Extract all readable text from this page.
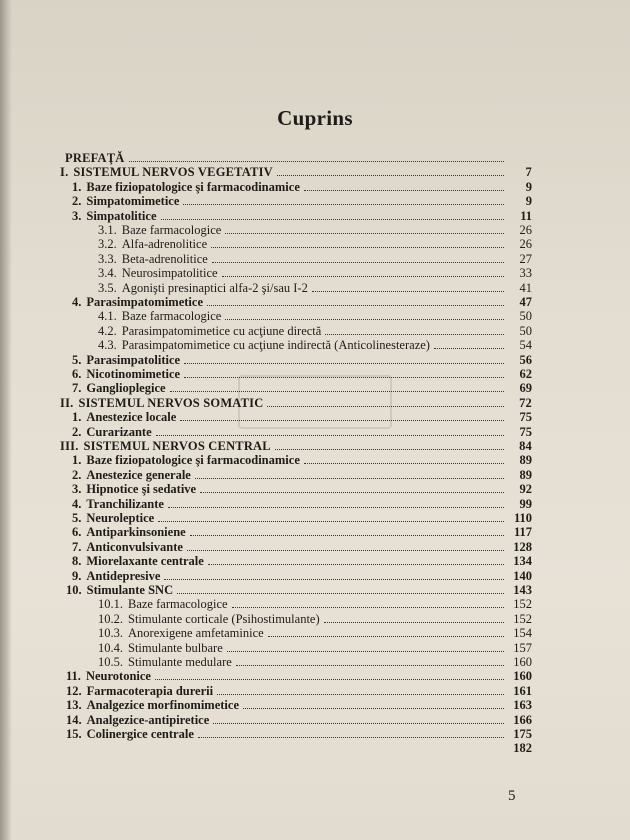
Cuprins
PREFAŢĂ
I. SISTEMUL NERVOS VEGETATIV	7
1. Baze fiziopatologice şi farmacodinamice	9
2. Simpatomimetice	9
3. Simpatolitice	11
3.1. Baze farmacologice	26
3.2. Alfa-adrenolitice	26
3.3. Beta-adrenolitice	27
3.4. Neurosimpatolitice	33
3.5. Agonişti presinaptici alfa-2 şi/sau I-2	41
4. Parasimpatomimetice	47
4.1. Baze farmacologice	50
4.2. Parasimpatomimetice cu acţiune directă	50
4.3. Parasimpatomimetice cu acţiune indirectă (Anticolinesteraze)	54
5. Parasimpatolitice	56
6. Nicotinomimetice	62
7. Ganglioplegice	69
II. SISTEMUL NERVOS SOMATIC	72
1. Anestezice locale	75
2. Curarizante	75
III. SISTEMUL NERVOS CENTRAL	84
1. Baze fiziopatologice şi farmacodinamice	89
2. Anestezice generale	89
3. Hipnotice şi sedative	92
4. Tranchilizante	99
5. Neuroleptice	110
6. Antiparkinsoniene	117
7. Anticonvulsivante	128
8. Miorelaxante centrale	134
9. Antidepresive	140
10. Stimulante SNC	143
10.1. Baze farmacologice	152
10.2. Stimulante corticale (Psihostimulante)	152
10.3. Anorexigene amfetaminice	154
10.4. Stimulante bulbare	157
10.5. Stimulante medulare	160
11. Neurotonice	160
12. Farmacoterapia durerii	161
13. Analgezice morfinomimetice	163
14. Analgezice-antipiretice	166
15. Colinergice centrale	175
182
5
